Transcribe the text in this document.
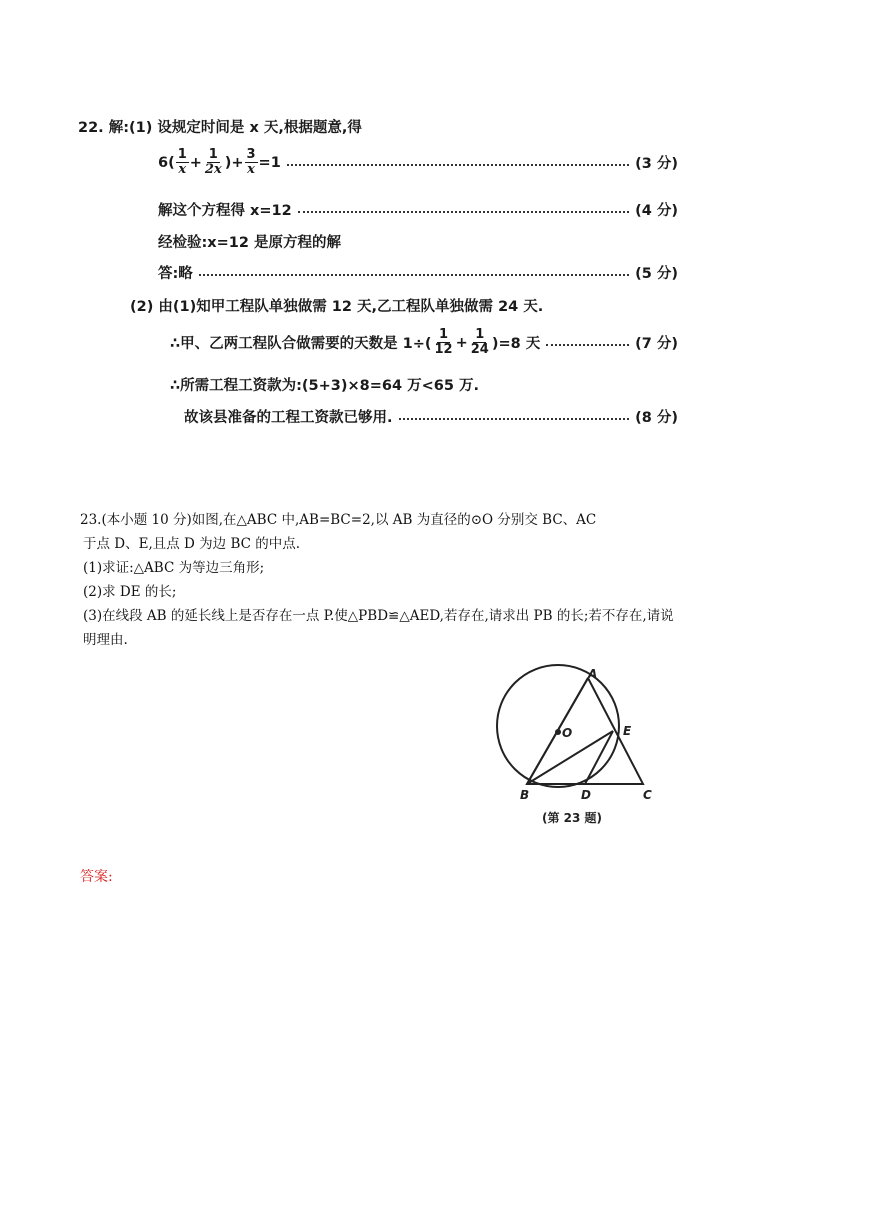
22. 解:(1) 设规定时间是 x 天,根据题意,得
$6( \frac{1}{x} + \frac{1}{2x}$ )+ $\frac{3}{x} =1$	(3 分)
解这个方程得 x=12	(4 分)
经检验:x=12 是原方程的解
答:略	(5 分)
(2) 由(1)知甲工程队单独做需 12 天,乙工程队单独做需 24 天.
∴甲、乙两工程队合做需要的天数是 $1\div( \frac{1}{12} + \frac{1}{24} )=8$ 天	(7 分)
∴所需工程工资款为:(5+3)×8=64 万<65 万.
故该县准备的工程工资款已够用.	(8 分)
23.(本小题 10 分)如图,在△ABC 中,AB=BC=2,以 AB 为直径的⊙O 分别交 BC、AC
于点 D、E,且点 D 为边 BC 的中点.
(1)求证:△ABC 为等边三角形;
(2)求 DE 的长;
(3)在线段 AB 的延长线上是否存在一点 P.使△PBD≌△AED,若存在,请求出 PB 的长;若不存在,请说
明理由.
A
B	C
D
E
O
(第 23 题)
答案:
